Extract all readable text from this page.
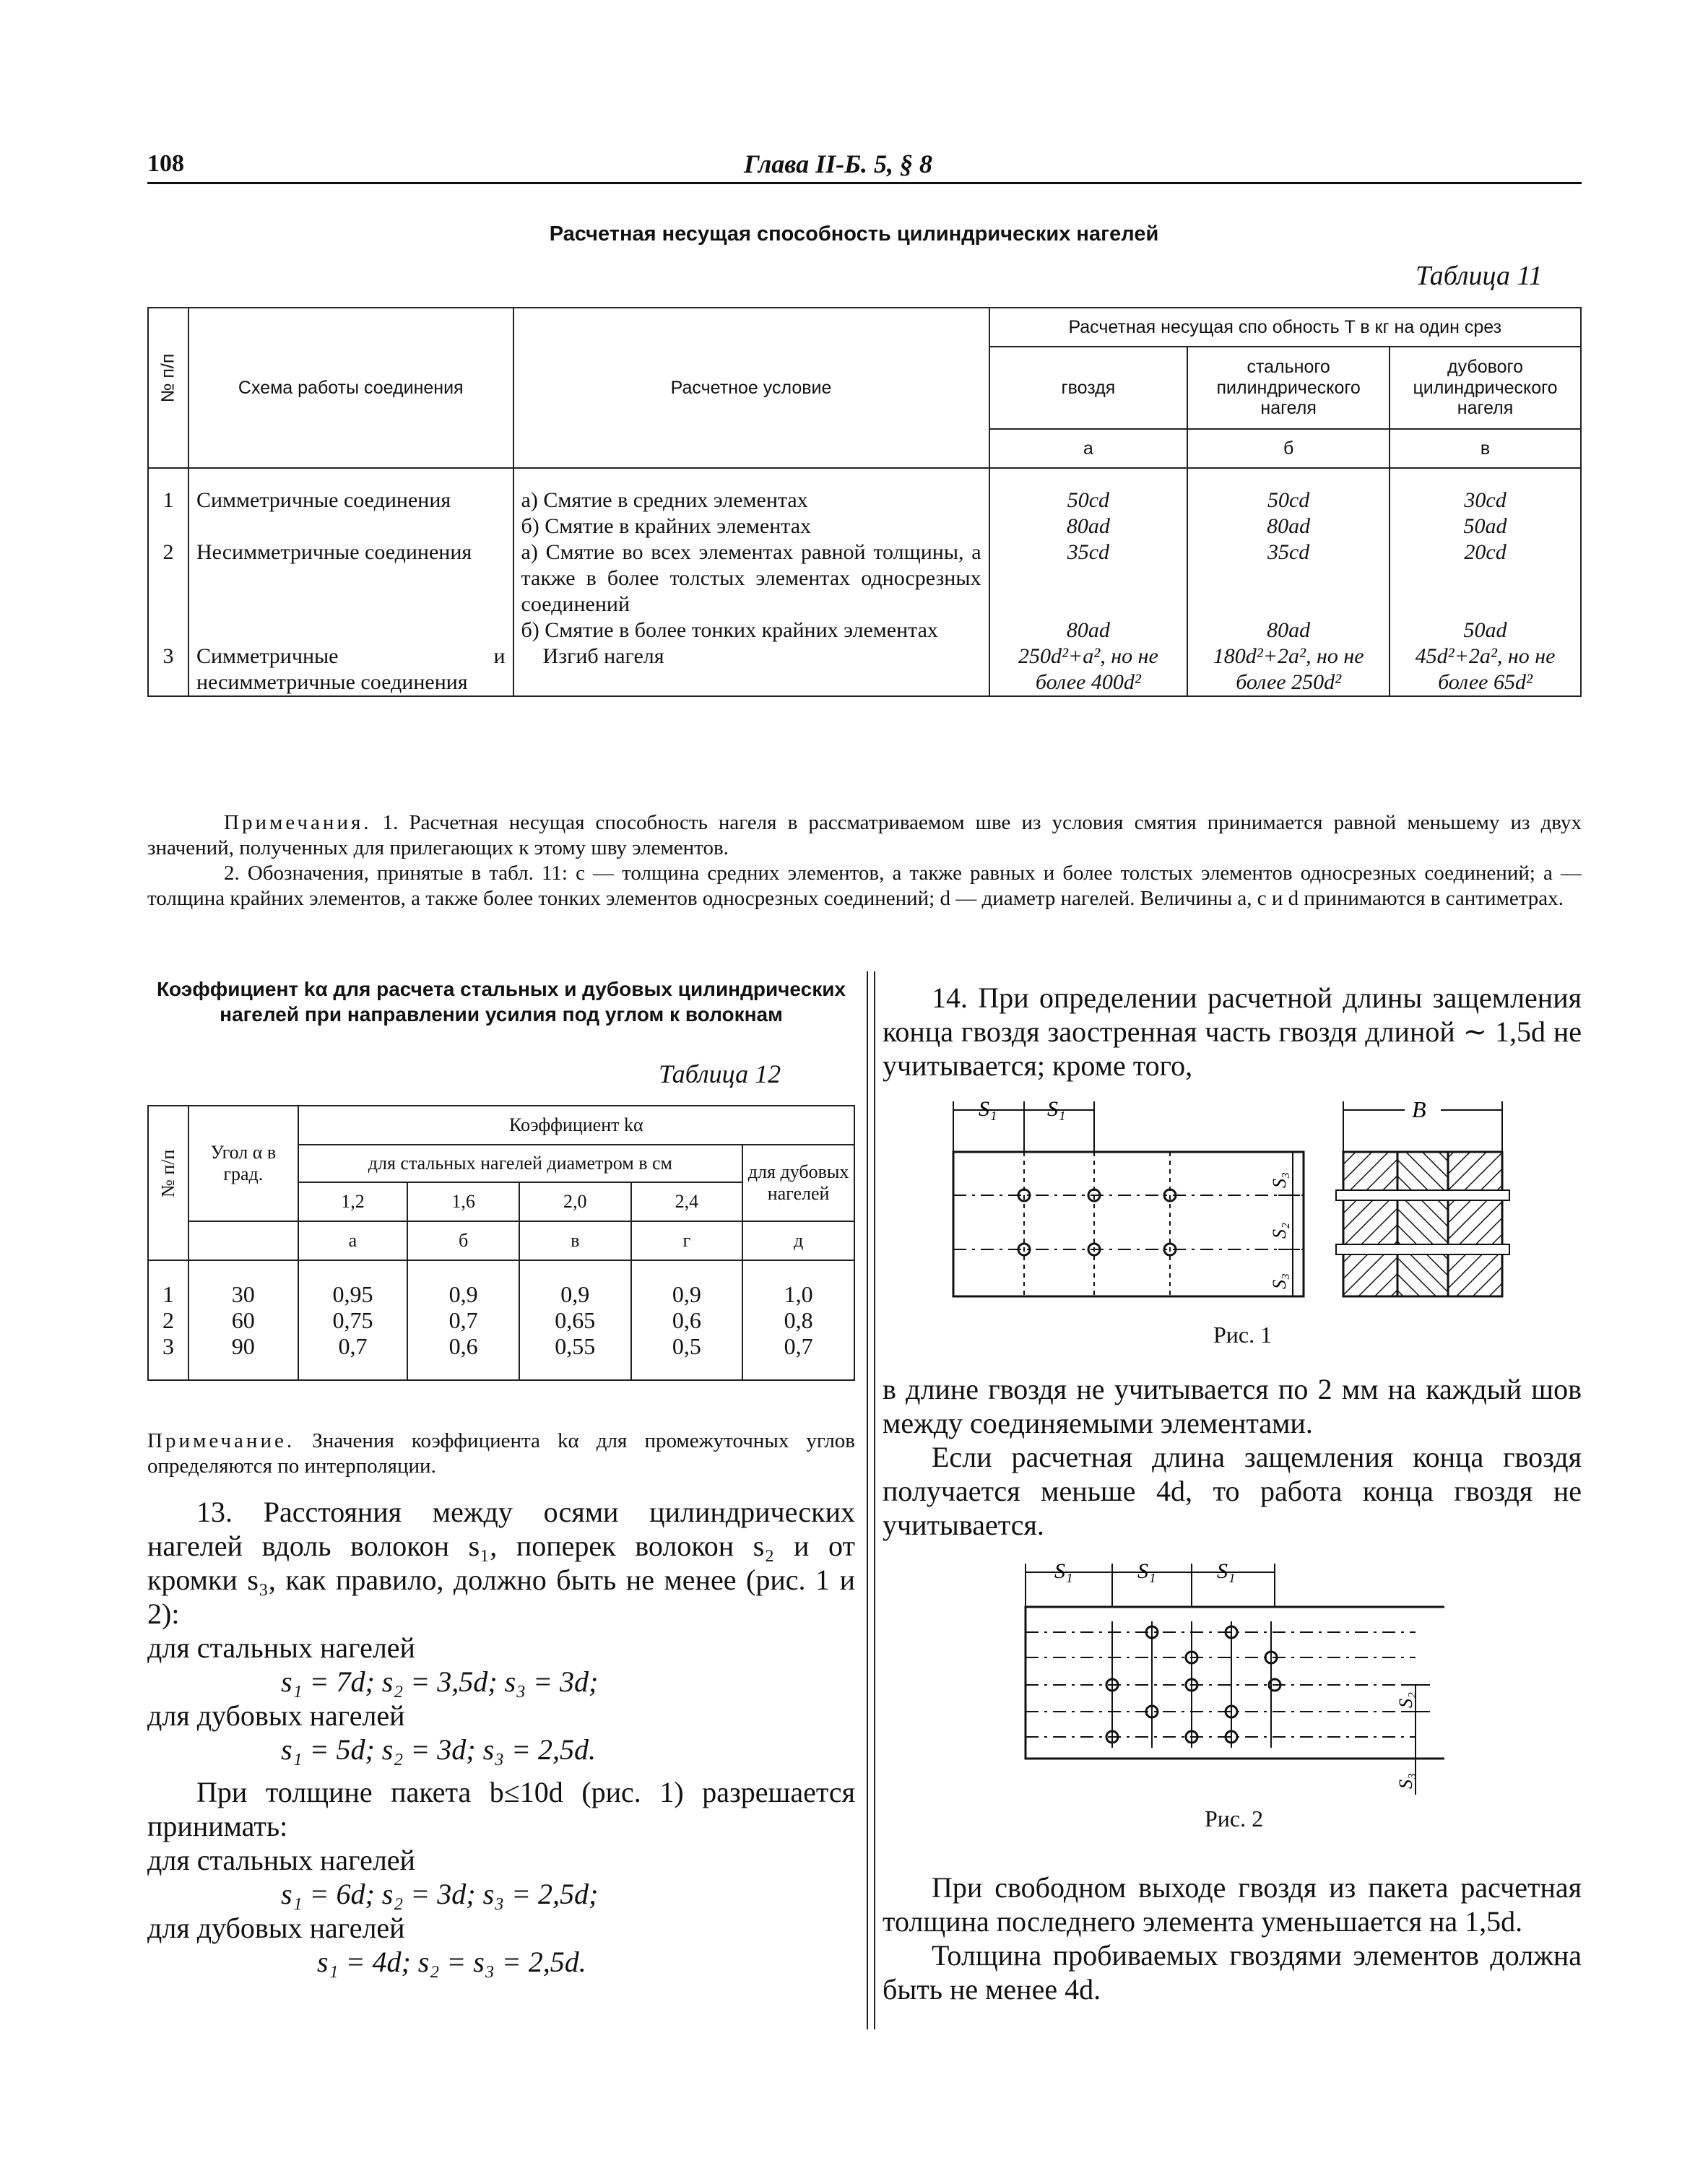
108	Глава II-Б. 5, § 8
Расчетная несущая способность цилиндрических нагелей
Таблица 11
№ п/п	Схема работы соединения	Расчетное условие	Расчетная несущая спо обность T в кг на один срез		
			гвоздя	стального пилиндрического нагеля	дубового цилиндрического нагеля
			а	б	в

1	Симметричные соединения	а) Смятие в средних элементах	50cd	50cd	30cd
		б) Смятие в крайних элементах	80ad	80ad	50ad
2	Несимметричные соединения	а) Смятие во всех элементах равной толщины, а также в более толстых элементах односрезных соединений	35cd	35cd	20cd
		б) Смятие в более тонких крайних элементах	80ad	80ad	50ad
3	Симметричные и несимметричные соединения	Изгиб нагеля	250d²+a², но не более 400d²	180d²+2a², но не более 250d²	45d²+2a², но не более 65d²

Примечания. 1. Расчетная несущая способность нагеля в рассматриваемом шве из условия смятия принимается равной меньшему из двух значений, полученных для прилегающих к этому шву элементов.

2. Обозначения, принятые в табл. 11: c — толщина средних элементов, а также равных и более толстых элементов односрезных соединений; a — толщина крайних элементов, а также более тонких элементов односрезных соединений; d — диаметр нагелей. Величины a, c и d принимаются в сантиметрах.

Коэффициент kα для расчета стальных и дубовых цилиндрических нагелей при направлении усилия под углом к волокнам
Таблица 12
№ п/п	Угол α в град.	Коэффициент kα				
		для стальных нагелей диаметром в см				для дубовых нагелей
		1,2	1,6	2,0	2,4	
		а	б	в	г	д

1	30	0,95	0,9	0,9	0,9	1,0
2	60	0,75	0,7	0,65	0,6	0,8
3	90	0,7	0,6	0,55	0,5	0,7

Примечание. Значения коэффициента kα для промежуточных углов определяются по интерполяции.

13. Расстояния между осями цилиндрических нагелей вдоль волокон s₁, поперек волокон s₂ и от кромки s₃, как правило, должно быть не менее (рис. 1 и 2):

для стальных нагелей

s₁ = 7d; s₂ = 3,5d; s₃ = 3d;

для дубовых нагелей

s₁ = 5d; s₂ = 3d; s₃ = 2,5d.

При толщине пакета b≤10d (рис. 1) разрешается принимать:

для стальных нагелей

s₁ = 6d; s₂ = 3d; s₃ = 2,5d;

для дубовых нагелей

s₁ = 4d; s₂ = s₃ = 2,5d.

14. При определении расчетной длины защемления конца гвоздя заостренная часть гвоздя длиной ∼ 1,5d не учитывается; кроме того,

S₁ S₁
S₃
S₂
S₃
B
Рис. 1

в длине гвоздя не учитывается по 2 мм на каждый шов между соединяемыми элементами.

Если расчетная длина защемления конца гвоздя получается меньше 4d, то работа конца гвоздя не учитывается.

S₁	S₁	S₁
S₂
S₃
Рис. 2

При свободном выходе гвоздя из пакета расчетная толщина последнего элемента уменьшается на 1,5d.

Толщина пробиваемых гвоздями элементов должна быть не менее 4d.
